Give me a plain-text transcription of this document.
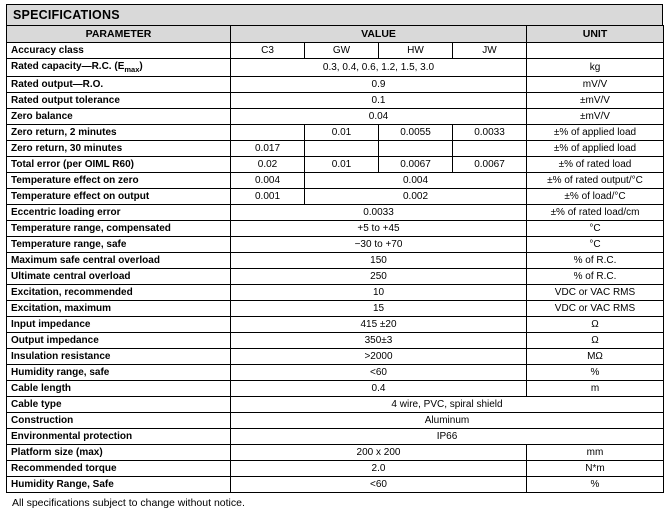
SPECIFICATIONS
PARAMETER	VALUE				UNIT
Accuracy class	C3	GW	HW	JW	
Rated capacity—R.C. $(E_{max})$	0.3, 0.4, 0.6, 1.2, 1.5, 3.0				kg
Rated output—R.O.	0.9				mV/V
Rated output tolerance	0.1				±mV/V
Zero balance	0.04				±mV/V
Zero return, 2 minutes		0.01	0.0055	0.0033	±% of applied load
Zero return, 30 minutes	0.017				±% of applied load
Total error (per OIML R60)	0.02	0.01	0.0067	0.0067	±% of rated load
Temperature effect on zero	0.004	0.004			±% of rated output/°C
Temperature effect on output	0.001	0.002			±% of load/°C
Eccentric loading error	0.0033				±% of rated load/cm
Temperature range, compensated	+5 to +45				°C
Temperature range, safe	−30 to +70				°C
Maximum safe central overload	150				% of R.C.
Ultimate central overload	250				% of R.C.
Excitation, recommended	10				VDC or VAC RMS
Excitation, maximum	15				VDC or VAC RMS
Input impedance	415 ±20				Ω
Output impedance	350±3				Ω
Insulation resistance	>2000				MΩ
Humidity range, safe	<60				%
Cable length	0.4				m
Cable type	4 wire, PVC, spiral shield				
Construction	Aluminum				
Environmental protection	IP66				
Platform size (max)	200 x 200				mm
Recommended torque	2.0				N*m
Humidity Range, Safe	<60				%
All specifications subject to change without notice.
